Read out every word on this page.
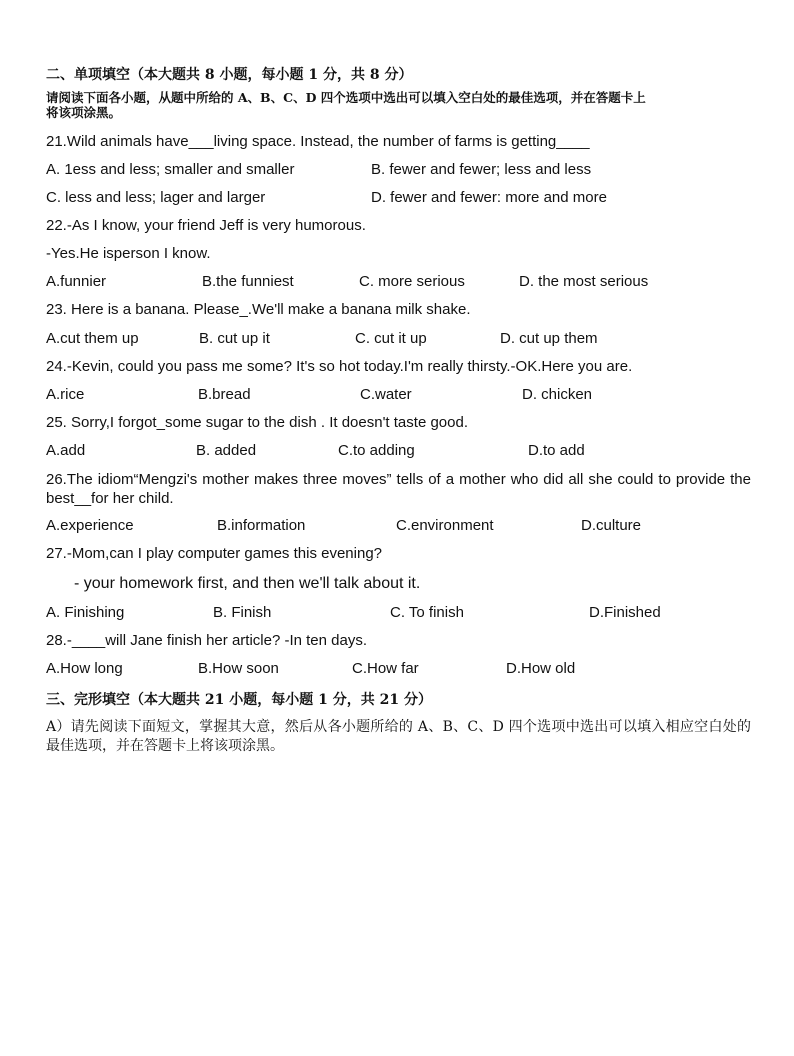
二、单项填空（本大题共 8 小题，每小题 1 分，共 8 分）
请阅读下面各小题，从题中所给的 A、B、C、D 四个选项中选出可以填入空白处的最佳选项，并在答题卡上
将该项涂黑。
21.Wild animals have___living space. Instead, the number of farms is getting____
A. 1ess and less; smaller and smaller	B. fewer and fewer; less and less
C. less and less; lager and larger	D. fewer and fewer: more and more
22.-As I know, your friend Jeff is very humorous.
-Yes.He isperson I know.
A.funnier	B.the funniest	C. more serious	D. the most serious
23. Here is a banana. Please_.We'll make a banana milk shake.
A.cut them up	B. cut up it	C. cut it up	D. cut up them
24.-Kevin, could you pass me some? It's so hot today.I'm really thirsty.-OK.Here you are.
A.rice	B.bread	C.water	D. chicken
25. Sorry,I forgot_some sugar to the dish . It doesn't taste good.
A.add	B. added	C.to adding	D.to add
26.The idiom“Mengzi's mother makes three moves” tells of a mother who did all she could to provide the best__for her child.
A.experience	B.information	C.environment	D.culture
27.-Mom,can I play computer games this evening?
- your homework first, and then we'll talk about it.
A. Finishing	B. Finish	C. To finish	D.Finished
28.-____will Jane finish her article? -In ten days.
A.How long	B.How soon	C.How far	D.How old
三、完形填空（本大题共 21 小题，每小题 1 分，共 21 分）
A）请先阅读下面短文，掌握其大意，然后从各小题所给的 A、B、C、D 四个选项中选出可以填入相应空白处的最佳选项，并在答题卡上将该项涂黑。
